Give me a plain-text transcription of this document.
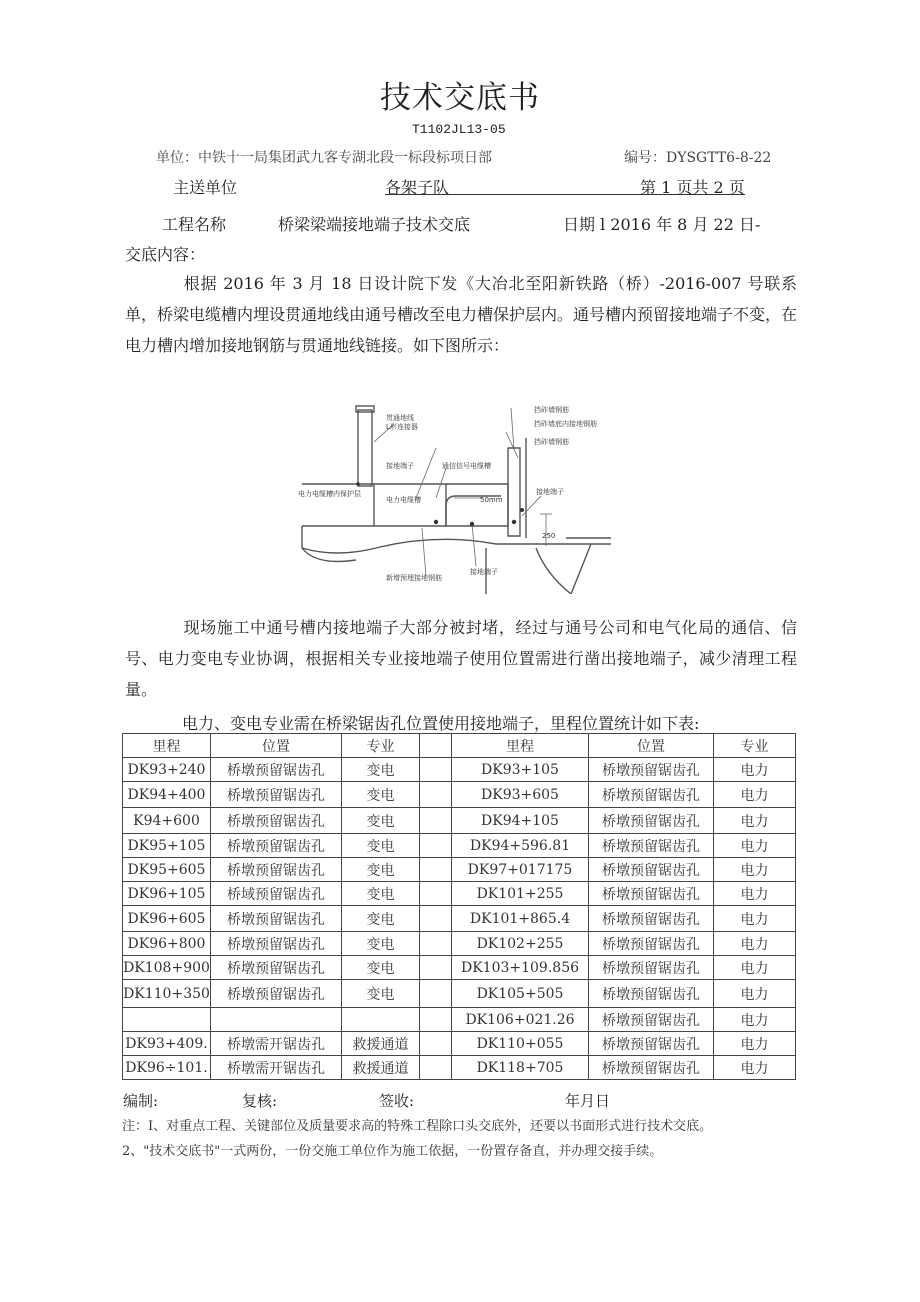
技术交底书
T1102JL13-05
单位：中铁十一局集团武九客专湖北段一标段标项日部	编号：DYSGTT6-8-22
主送单位	各架子队	第 1 页共 2 页
工程名称	桥梁梁端接地端子技术交底	日期 l 2016 年 8 月 22 日-
交底内容：
根据 2016 年 3 月 18 日设计院下发《大冶北至阳新铁路（桥）-2016-007 号联系单，桥梁电缆槽内埋设贯通地线由通号槽改至电力槽保护层内。通号槽内预留接地端子不变，在电力槽内增加接地钢筋与贯通地线链接。如下图所示：
贯通地线
L形连接器
接地端子	通信信号电缆槽
电力电缆槽
电力电缆槽内保护层
挡砟墙钢筋
挡砟墙底内接地钢筋
挡砟墙钢筋
接地端子
50mm
250
新增预埋接地钢筋
接地端子
现场施工中通号槽内接地端子大部分被封堵，经过与通号公司和电气化局的通信、信号、电力变电专业协调，根据相关专业接地端子使用位置需进行凿出接地端子，减少清理工程量。
电力、变电专业需在桥梁锯齿孔位置使用接地端子，里程位置统计如下表:
里程	位置	专业		里程	位置	专业
DK93+240	桥墩预留锯齿孔	变电		DK93+105	桥墩预留锯齿孔	电力
DK94+400	桥墩预留锯齿孔	变电		DK93+605	桥墩预留锯齿孔	电力
K94+600	桥墩预留锯齿孔	变电		DK94+105	桥墩预留锯齿孔	电力
DK95+105	桥墩预留锯齿孔	变电		DK94+596.81	桥墩预留锯齿孔	电力
DK95+605	桥墩预留锯齿孔	变电		DK97+017175	桥墩预留锯齿孔	电力
DK96+105	桥域预留锯齿孔	变电		DK101+255	桥墩预留锯齿孔	电力
DK96+605	桥墩预留锯齿孔	变电		DK101+865.4	桥墩预留锯齿孔	电力
DK96+800	桥墩预留锯齿孔	变电		DK102+255	桥墩预留锯齿孔	电力
DK108+900	桥墩预留锯齿孔	变电		DK103+109.856	桥墩预留锯齿孔	电力
DK110+350	桥墩预留锯齿孔	变电		DK105+505	桥墩预留锯齿孔	电力
				DK106+021.26	桥墩预留锯齿孔	电力
DK93+409.	桥墩需开锯齿孔	救援通道		DK110+055	桥墩预留锯齿孔	电力
DK96÷101.	桥墩需开锯齿孔	救援通道		DK118+705	桥墩预留锯齿孔	电力
编制:	复核:	签收:	年月日
注：I、对重点工程、关键部位及质量要求高的特殊工程除口头交底外，还要以书面形式进行技术交底。
2、"技术交底书"一式两份，一份交施工单位作为施工依据，一份置存备直，并办理交接手续。
